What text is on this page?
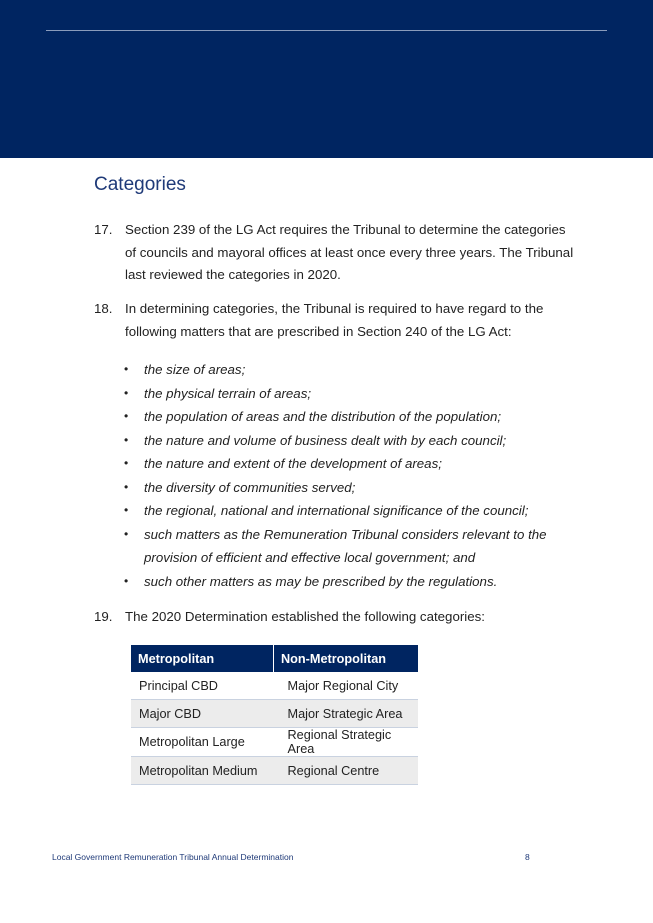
Categories
17. Section 239 of the LG Act requires the Tribunal to determine the categories of councils and mayoral offices at least once every three years. The Tribunal last reviewed the categories in 2020.
18. In determining categories, the Tribunal is required to have regard to the following matters that are prescribed in Section 240 of the LG Act:
• the size of areas;
• the physical terrain of areas;
• the population of areas and the distribution of the population;
• the nature and volume of business dealt with by each council;
• the nature and extent of the development of areas;
• the diversity of communities served;
• the regional, national and international significance of the council;
• such matters as the Remuneration Tribunal considers relevant to the provision of efficient and effective local government; and
• such other matters as may be prescribed by the regulations.
19. The 2020 Determination established the following categories:
Metropolitan	Non-Metropolitan
Principal CBD	Major Regional City
Major CBD	Major Strategic Area
Metropolitan Large	Regional Strategic Area
Metropolitan Medium	Regional Centre
Local Government Remuneration Tribunal Annual Determination	8
